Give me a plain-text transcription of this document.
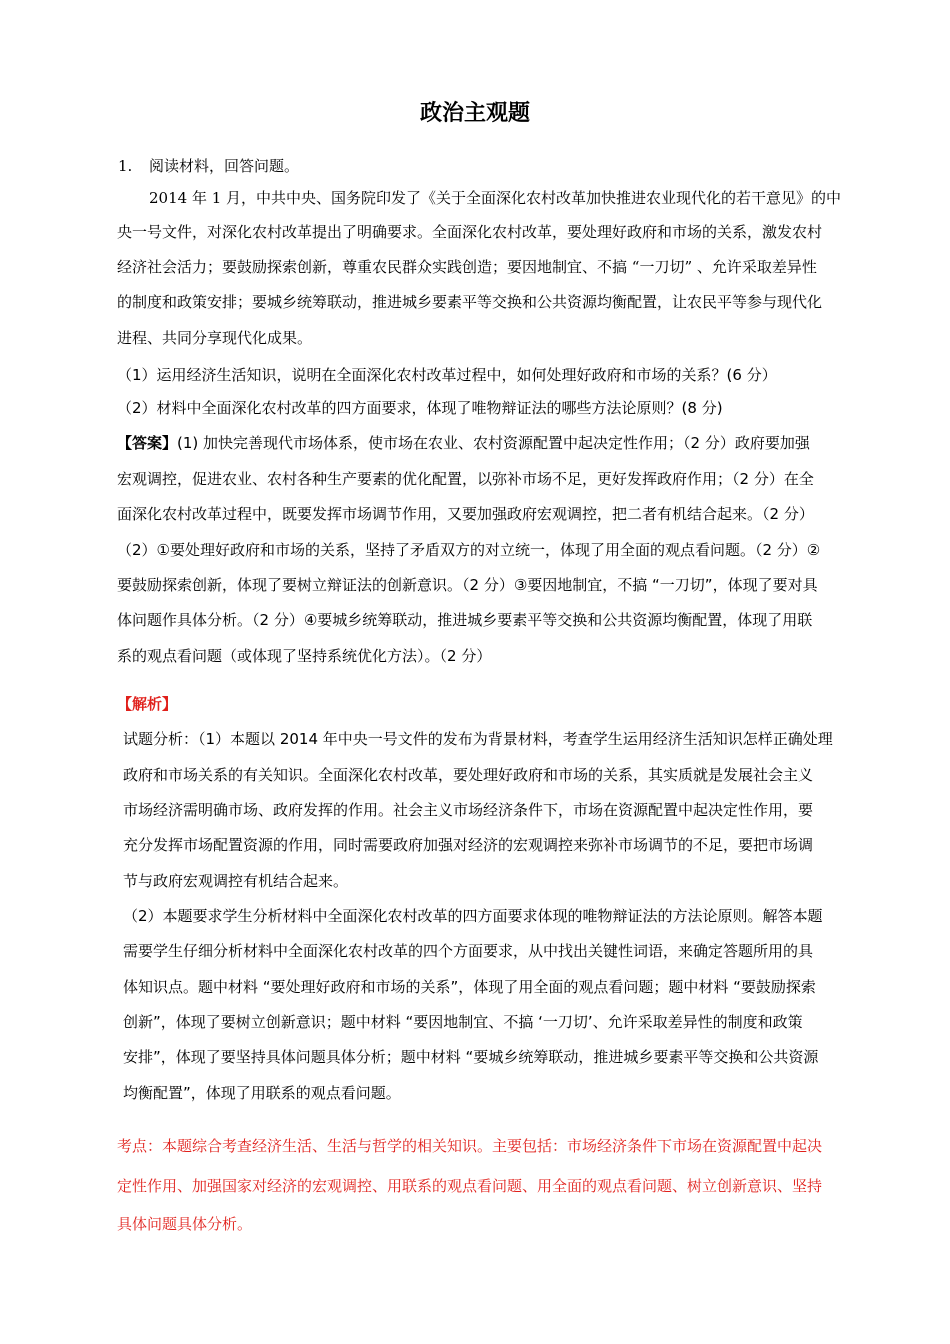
政治主观题
1. 阅读材料，回答问题。
2014 年 1 月，中共中央、国务院印发了《关于全面深化农村改革加快推进农业现代化的若干意见》的中
央一号文件，对深化农村改革提出了明确要求。全面深化农村改革，要处理好政府和市场的关系，激发农村
经济社会活力；要鼓励探索创新，尊重农民群众实践创造；要因地制宜、不搞 “一刀切” 、允许采取差异性
的制度和政策安排；要城乡统筹联动，推进城乡要素平等交换和公共资源均衡配置，让农民平等参与现代化
进程、共同分享现代化成果。
（1）运用经济生活知识，说明在全面深化农村改革过程中，如何处理好政府和市场的关系？(6 分）
（2）材料中全面深化农村改革的四方面要求，体现了唯物辩证法的哪些方法论原则？(8 分)
【答案】(1) 加快完善现代市场体系，使市场在农业、农村资源配置中起决定性作用；（2 分）政府要加强
宏观调控，促进农业、农村各种生产要素的优化配置，以弥补市场不足，更好发挥政府作用；（2 分）在全
面深化农村改革过程中，既要发挥市场调节作用，又要加强政府宏观调控，把二者有机结合起来。（2 分）
（2）①要处理好政府和市场的关系，坚持了矛盾双方的对立统一，体现了用全面的观点看问题。（2 分）②
要鼓励探索创新，体现了要树立辩证法的创新意识。（2 分）③要因地制宜，不搞 “一刀切”，体现了要对具
体问题作具体分析。（2 分）④要城乡统筹联动，推进城乡要素平等交换和公共资源均衡配置，体现了用联
系的观点看问题（或体现了坚持系统优化方法）。（2 分）
【解析】
试题分析：（1）本题以 2014 年中央一号文件的发布为背景材料，考查学生运用经济生活知识怎样正确处理
政府和市场关系的有关知识。全面深化农村改革，要处理好政府和市场的关系，其实质就是发展社会主义
市场经济需明确市场、政府发挥的作用。社会主义市场经济条件下，市场在资源配置中起决定性作用，要
充分发挥市场配置资源的作用，同时需要政府加强对经济的宏观调控来弥补市场调节的不足，要把市场调
节与政府宏观调控有机结合起来。
（2）本题要求学生分析材料中全面深化农村改革的四方面要求体现的唯物辩证法的方法论原则。解答本题
需要学生仔细分析材料中全面深化农村改革的四个方面要求，从中找出关键性词语，来确定答题所用的具
体知识点。题中材料 “要处理好政府和市场的关系”，体现了用全面的观点看问题；题中材料 “要鼓励探索
创新”，体现了要树立创新意识；题中材料 “要因地制宜、不搞 ‘一刀切’、允许采取差异性的制度和政策
安排”，体现了要坚持具体问题具体分析；题中材料 “要城乡统筹联动，推进城乡要素平等交换和公共资源
均衡配置”，体现了用联系的观点看问题。
考点：本题综合考查经济生活、生活与哲学的相关知识。主要包括：市场经济条件下市场在资源配置中起决
定性作用、加强国家对经济的宏观调控、用联系的观点看问题、用全面的观点看问题、树立创新意识、坚持
具体问题具体分析。
